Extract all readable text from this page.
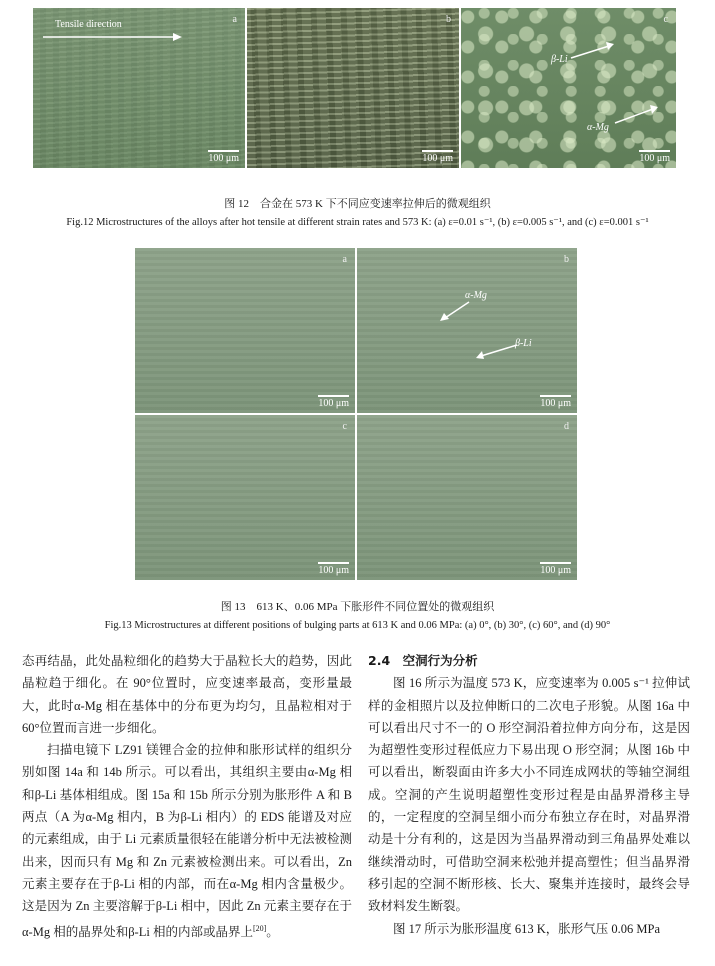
Tensile direction	a
100 μm
b
100 μm
c
β-Li
α-Mg
100 μm
图 12　合金在 573 K 下不同应变速率拉伸后的微观组织
Fig.12 Microstructures of the alloys after hot tensile at different strain rates and 573 K: (a) ε=0.01 s⁻¹, (b) ε=0.005 s⁻¹, and (c) ε=0.001 s⁻¹
a
100 μm
b
α-Mg
β-Li
100 μm
c
100 μm
d
100 μm
图 13　613 K、0.06 MPa 下胀形件不同位置处的微观组织
Fig.13 Microstructures at different positions of bulging parts at 613 K and 0.06 MPa: (a) 0°, (b) 30°, (c) 60°, and (d) 90°

态再结晶，此处晶粒细化的趋势大于晶粒长大的趋势，因此晶粒趋于细化。在 90°位置时，应变速率最高，变形量最大，此时α-Mg 相在基体中的分布更为均匀，且晶粒相对于 60°位置而言进一步细化。

扫描电镜下 LZ91 镁锂合金的拉伸和胀形试样的组织分别如图 14a 和 14b 所示。可以看出，其组织主要由α-Mg 相和β-Li 基体相组成。图 15a 和 15b 所示分别为胀形件 A 和 B 两点（A 为α-Mg 相内，B 为β-Li 相内）的 EDS 能谱及对应的元素组成，由于 Li 元素质量很轻在能谱分析中无法被检测出来，因而只有 Mg 和 Zn 元素被检测出来。可以看出，Zn 元素主要存在于β-Li 相的内部，而在α-Mg 相内含量极少。这是因为 Zn 主要溶解于β-Li 相中，因此 Zn 元素主要存在于α-Mg 相的晶界处和β-Li 相的内部或晶界上[20]。

2.4　空洞行为分析

图 16 所示为温度 573 K，应变速率为 0.005 s⁻¹ 拉伸试样的金相照片以及拉伸断口的二次电子形貌。从图 16a 中可以看出尺寸不一的 O 形空洞沿着拉伸方向分布，这是因为超塑性变形过程低应力下易出现 O 形空洞；从图 16b 中可以看出，断裂面由许多大小不同连成网状的等轴空洞组成。空洞的产生说明超塑性变形过程是由晶界滑移主导的，一定程度的空洞呈细小而分布独立存在时，对晶界滑动是十分有利的，这是因为当晶界滑动到三角晶界处难以继续滑动时，可借助空洞来松弛并提高塑性；但当晶界滑移引起的空洞不断形核、长大、聚集并连接时，最终会导致材料发生断裂。

图 17 所示为胀形温度 613 K，胀形气压 0.06 MPa
